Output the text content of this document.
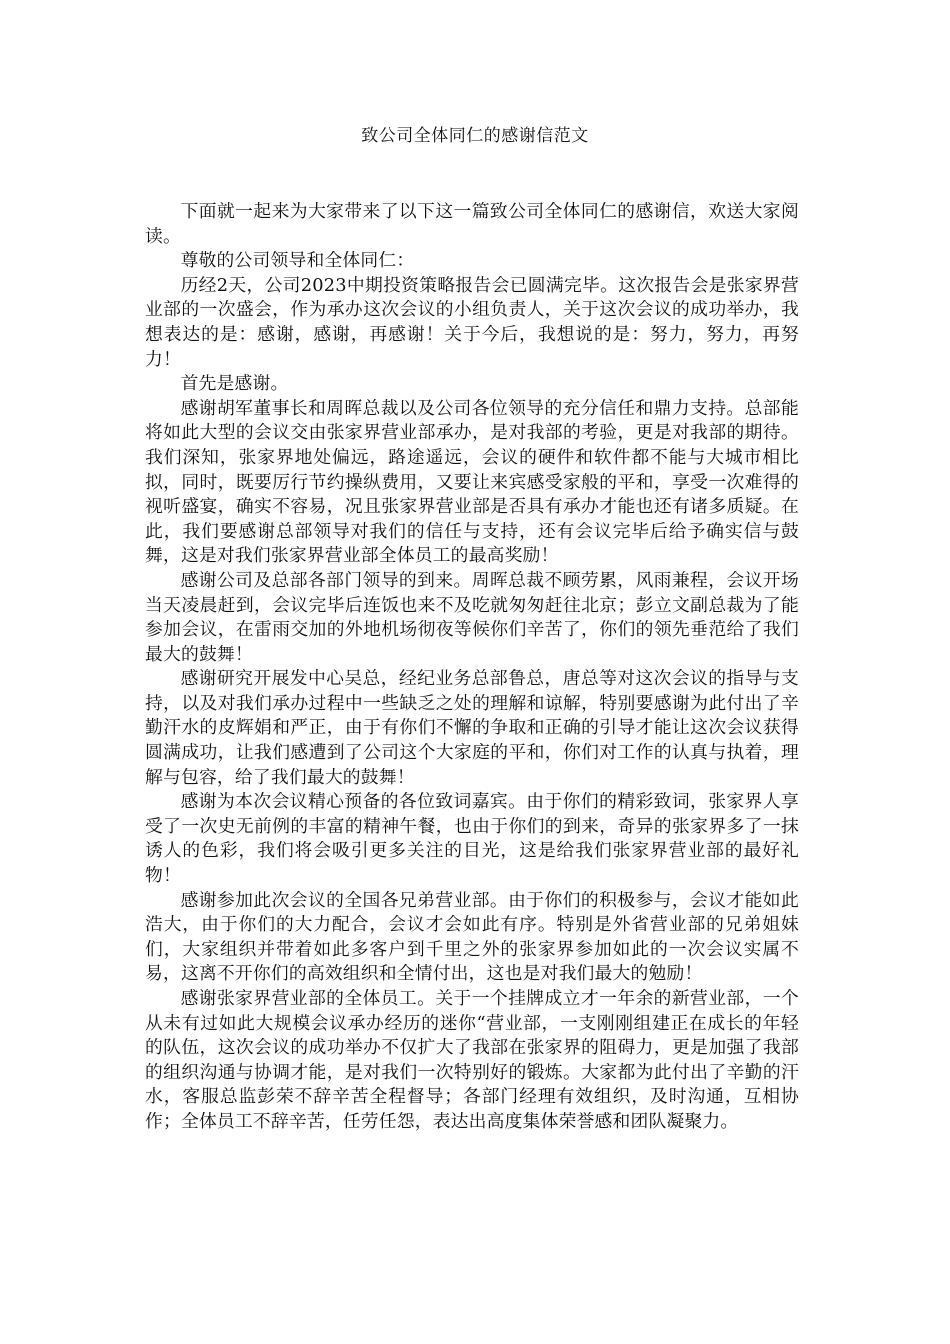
致公司全体同仁的感谢信范文

下面就一起来为大家带来了以下这一篇致公司全体同仁的感谢信，欢送大家阅读。

尊敬的公司领导和全体同仁：

历经2天，公司2023中期投资策略报告会已圆满完毕。这次报告会是张家界营业部的一次盛会，作为承办这次会议的小组负责人，关于这次会议的成功举办，我想表达的是：感谢，感谢，再感谢！关于今后，我想说的是：努力，努力，再努力！

首先是感谢。

感谢胡军董事长和周晖总裁以及公司各位领导的充分信任和鼎力支持。总部能将如此大型的会议交由张家界营业部承办，是对我部的考验，更是对我部的期待。我们深知，张家界地处偏远，路途遥远，会议的硬件和软件都不能与大城市相比拟，同时，既要厉行节约操纵费用，又要让来宾感受家般的平和，享受一次难得的视听盛宴，确实不容易，况且张家界营业部是否具有承办才能也还有诸多质疑。在此，我们要感谢总部领导对我们的信任与支持，还有会议完毕后给予确实信与鼓舞，这是对我们张家界营业部全体员工的最高奖励！

感谢公司及总部各部门领导的到来。周晖总裁不顾劳累，风雨兼程，会议开场当天凌晨赶到，会议完毕后连饭也来不及吃就匆匆赶往北京；彭立文副总裁为了能参加会议，在雷雨交加的外地机场彻夜等候你们辛苦了，你们的领先垂范给了我们最大的鼓舞！

感谢研究开展发中心吴总，经纪业务总部鲁总，唐总等对这次会议的指导与支持，以及对我们承办过程中一些缺乏之处的理解和谅解，特别要感谢为此付出了辛勤汗水的皮辉娟和严正，由于有你们不懈的争取和正确的引导才能让这次会议获得圆满成功，让我们感遭到了公司这个大家庭的平和，你们对工作的认真与执着，理解与包容，给了我们最大的鼓舞！

感谢为本次会议精心预备的各位致词嘉宾。由于你们的精彩致词，张家界人享受了一次史无前例的丰富的精神午餐，也由于你们的到来，奇异的张家界多了一抹诱人的色彩，我们将会吸引更多关注的目光，这是给我们张家界营业部的最好礼物！

感谢参加此次会议的全国各兄弟营业部。由于你们的积极参与，会议才能如此浩大，由于你们的大力配合，会议才会如此有序。特别是外省营业部的兄弟姐妹们，大家组织并带着如此多客户到千里之外的张家界参加如此的一次会议实属不易，这离不开你们的高效组织和全情付出，这也是对我们最大的勉励！

感谢张家界营业部的全体员工。关于一个挂牌成立才一年余的新营业部，一个从未有过如此大规模会议承办经历的迷你“营业部，一支刚刚组建正在成长的年轻的队伍，这次会议的成功举办不仅扩大了我部在张家界的阻碍力，更是加强了我部的组织沟通与协调才能，是对我们一次特别好的锻炼。大家都为此付出了辛勤的汗水，客服总监彭荣不辞辛苦全程督导；各部门经理有效组织，及时沟通，互相协作；全体员工不辞辛苦，任劳任怨，表达出高度集体荣誉感和团队凝聚力。
